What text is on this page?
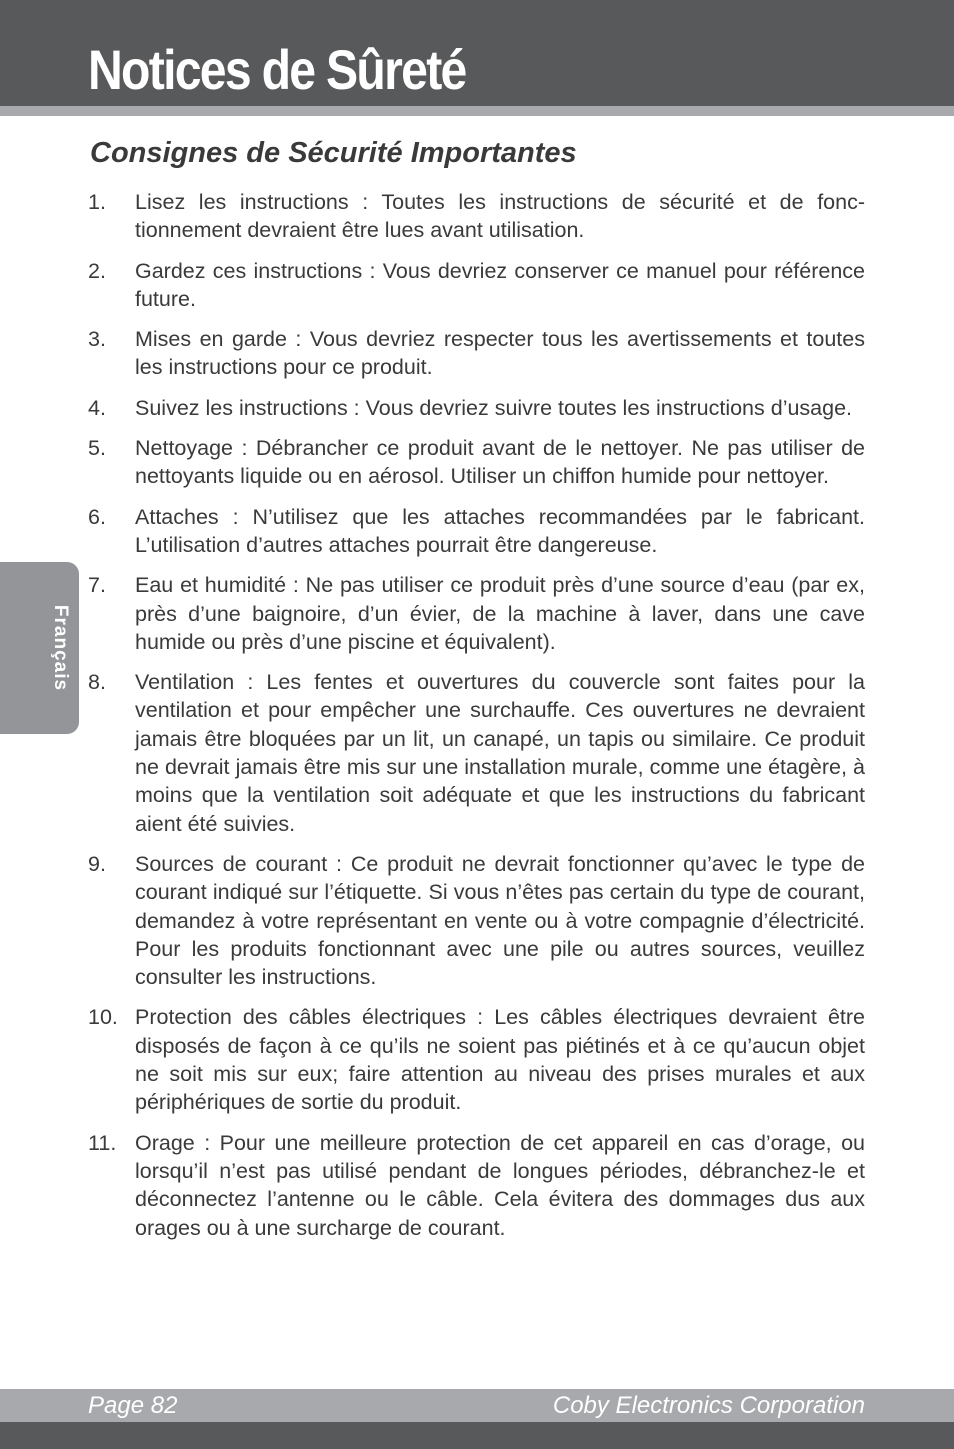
Notices de Sûreté
Consignes de Sécurité Importantes
1. Lisez les instructions : Toutes les instructions de sécurité et de fonctionnement devraient être lues avant utilisation.
2. Gardez ces instructions : Vous devriez conserver ce manuel pour référence future.
3. Mises en garde : Vous devriez respecter tous les avertissements et toutes les instructions pour ce produit.
4. Suivez les instructions : Vous devriez suivre toutes les instructions d’usage.
5. Nettoyage : Débrancher ce produit avant de le nettoyer. Ne pas utiliser de nettoyants liquide ou en aérosol. Utiliser un chiffon humide pour nettoyer.
6. Attaches : N’utilisez que les attaches recommandées par le fabricant. L’utilisation d’autres attaches pourrait être dangereuse.
7. Eau et humidité : Ne pas utiliser ce produit près d’une source d’eau (par ex, près d’une baignoire, d’un évier, de la machine à laver, dans une cave humide ou près d’une piscine et équivalent).
8. Ventilation : Les fentes et ouvertures du couvercle sont faites pour la ventilation et pour empêcher une surchauffe. Ces ouvertures ne devraient jamais être bloquées par un lit, un canapé, un tapis ou similaire. Ce produit ne devrait jamais être mis sur une installation murale, comme une étagère, à moins que la ventilation soit adéquate et que les instructions du fabricant aient été suivies.
9. Sources de courant : Ce produit ne devrait fonctionner qu’avec le type de courant indiqué sur l’étiquette. Si vous n’êtes pas certain du type de courant, demandez à votre représentant en vente ou à votre compagnie d’électricité. Pour les produits fonctionnant avec une pile ou autres sources, veuillez consulter les instructions.
10. Protection des câbles électriques : Les câbles électriques devraient être disposés de façon à ce qu’ils ne soient pas piétinés et à ce qu’aucun objet ne soit mis sur eux; faire attention au niveau des prises murales et aux périphériques de sortie du produit.
11. Orage : Pour une meilleure protection de cet appareil en cas d’orage, ou lorsqu’il n’est pas utilisé pendant de longues périodes, débranchez-le et déconnectez l’antenne ou le câble. Cela évitera des dommages dus aux orages ou à une surcharge de courant.
Français
Page 82	Coby Electronics Corporation
